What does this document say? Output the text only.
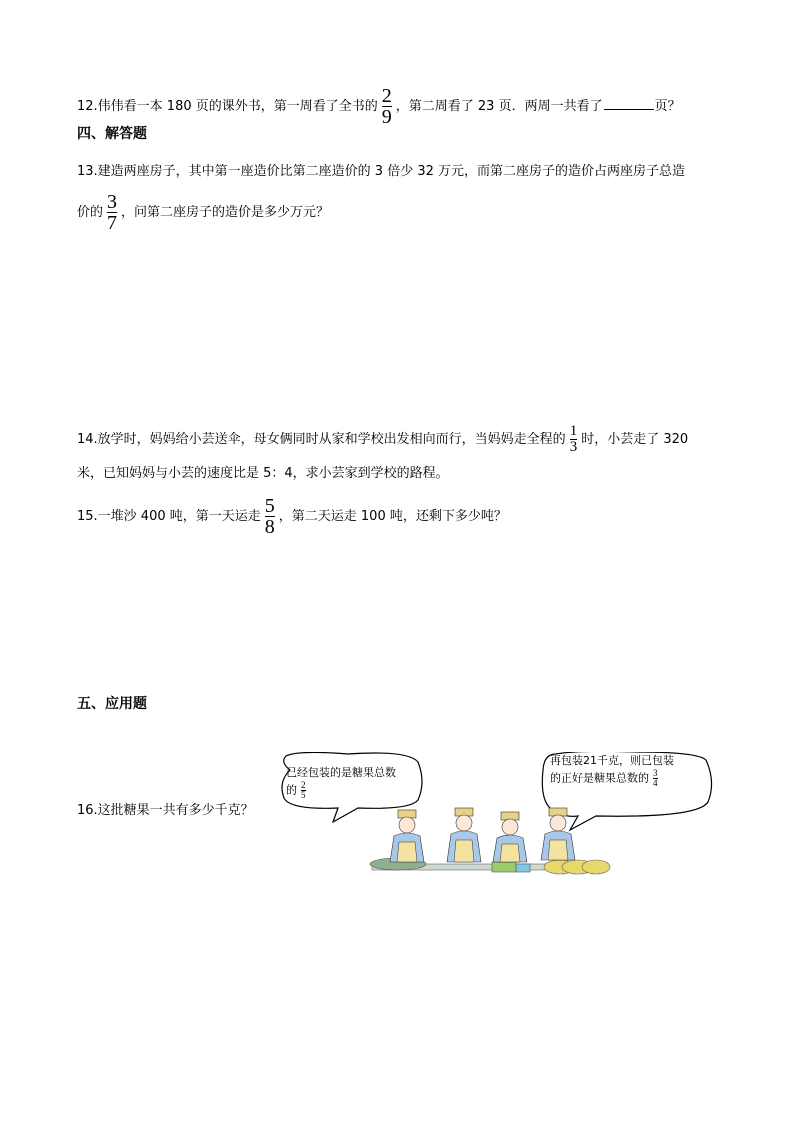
12.伟伟看一本 180 页的课外书，第一周看了全书的 $\frac{2}{9}$ ，第二周看了 23 页．两周一共看了	页？
四、解答题
13.建造两座房子，其中第一座造价比第二座造价的 3 倍少 32 万元，而第二座房子的造价占两座房子总造
价的 $\frac{3}{7}$ ，问第二座房子的造价是多少万元？
14.放学时，妈妈给小芸送伞，母女俩同时从家和学校出发相向而行，当妈妈走全程的 $\frac{1}{3}$ 时，小芸走了 320
米，已知妈妈与小芸的速度比是 5：4，求小芸家到学校的路程。
15.一堆沙 400 吨，第一天运走 $\frac{5}{8}$ ，第二天运走 100 吨，还剩下多少吨？
五、应用题
16.这批糖果一共有多少千克？
已经包装的是糖果总数
的 $\frac{2}{5}$
再包装21千克，则已包装
的正好是糖果总数的 $\frac{3}{4}$
